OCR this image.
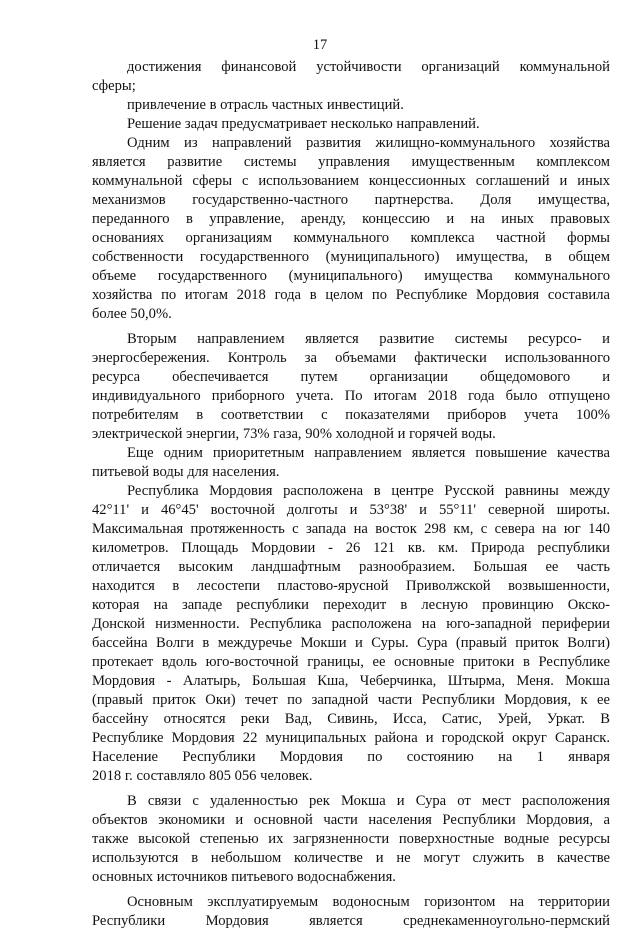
17
достижения финансовой устойчивости организаций коммунальной
сферы;
привлечение в отрасль частных инвестиций.
Решение задач предусматривает несколько направлений.
Одним из направлений развития жилищно-коммунального хозяйства
является развитие системы управления имущественным комплексом
коммунальной сферы с использованием концессионных соглашений и иных
механизмов государственно-частного партнерства. Доля имущества,
переданного в управление, аренду, концессию и на иных правовых
основаниях организациям коммунального комплекса частной формы
собственности государственного (муниципального) имущества, в общем
объеме государственного (муниципального) имущества коммунального
хозяйства по итогам 2018 года в целом по Республике Мордовия составила
более 50,0%.
Вторым направлением является развитие системы ресурсо- и
энергосбережения. Контроль за объемами фактически использованного
ресурса обеспечивается путем организации общедомового и
индивидуального приборного учета. По итогам 2018 года было отпущено
потребителям в соответствии с показателями приборов учета 100%
электрической энергии, 73% газа, 90% холодной и горячей воды.
Еще одним приоритетным направлением является повышение качества
питьевой воды для населения.
Республика Мордовия расположена в центре Русской равнины между
42°11' и 46°45' восточной долготы и 53°38' и 55°11' северной широты.
Максимальная протяженность с запада на восток 298 км, с севера на юг 140
километров. Площадь Мордовии - 26 121 кв. км. Природа республики
отличается высоким ландшафтным разнообразием. Большая ее часть
находится в лесостепи пластово-ярусной Приволжской возвышенности,
которая на западе республики переходит в лесную провинцию Окско-
Донской низменности. Республика расположена на юго-западной периферии
бассейна Волги в междуречье Мокши и Суры. Сура (правый приток Волги)
протекает вдоль юго-восточной границы, ее основные притоки в Республике
Мордовия - Алатырь, Большая Кша, Чеберчинка, Штырма, Меня. Мокша
(правый приток Оки) течет по западной части Республики Мордовия, к ее
бассейну относятся реки Вад, Сивинь, Исса, Сатис, Урей, Уркат. В
Республике Мордовия 22 муниципальных района и городской округ Саранск.
Население Республики Мордовия по состоянию на 1 января
2018 г. составляло 805 056 человек.
В связи с удаленностью рек Мокша и Сура от мест расположения
объектов экономики и основной части населения Республики Мордовия, а
также высокой степенью их загрязненности поверхностные водные ресурсы
используются в небольшом количестве и не могут служить в качестве
основных источников питьевого водоснабжения.
Основным эксплуатируемым водоносным горизонтом на территории
Республики Мордовия является среднекаменноугольно-пермский
